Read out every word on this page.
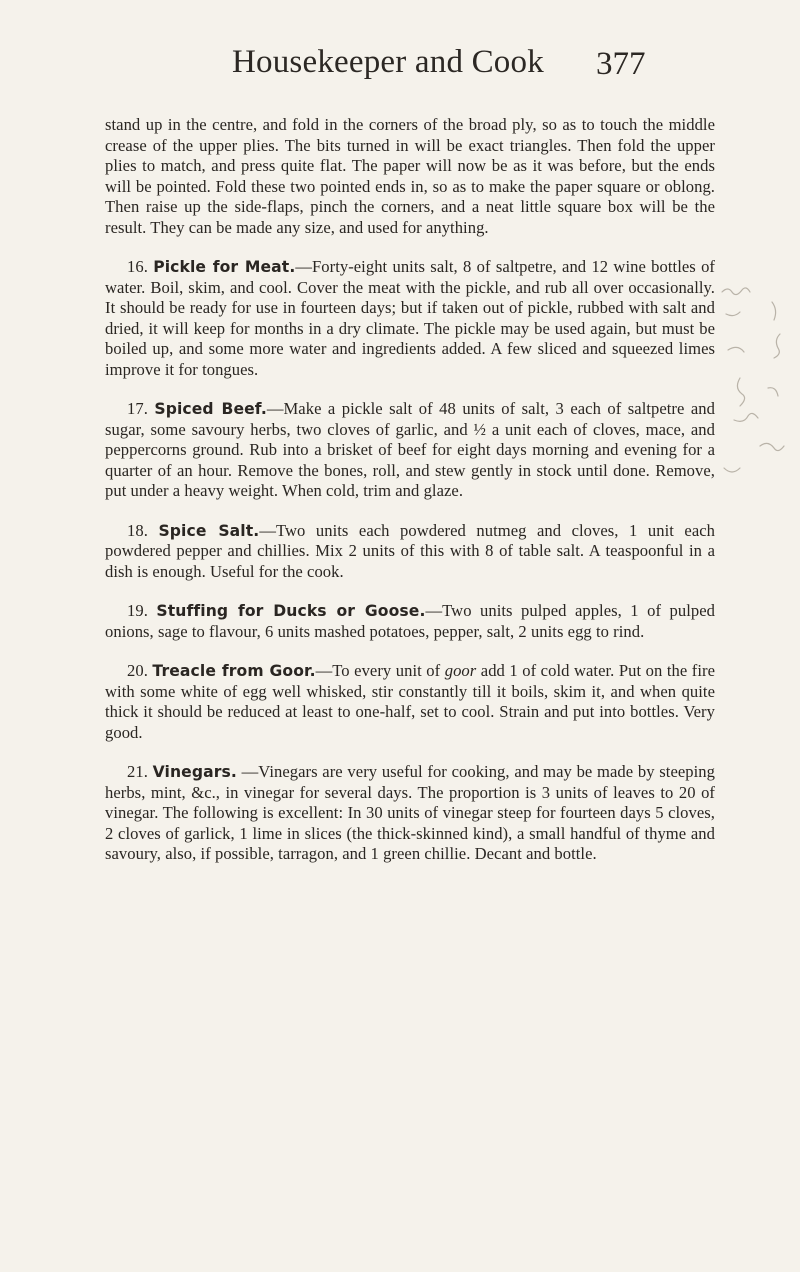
Housekeeper and Cook 377

stand up in the centre, and fold in the corners of the broad ply, so as to touch the middle crease of the upper plies. The bits turned in will be exact triangles. Then fold the upper plies to match, and press quite flat. The paper will now be as it was before, but the ends will be pointed. Fold these two pointed ends in, so as to make the paper square or oblong. Then raise up the side-flaps, pinch the corners, and a neat little square box will be the result. They can be made any size, and used for anything.

16. Pickle for Meat.—Forty-eight units salt, 8 of saltpetre, and 12 wine bottles of water. Boil, skim, and cool. Cover the meat with the pickle, and rub all over occasionally. It should be ready for use in fourteen days; but if taken out of pickle, rubbed with salt and dried, it will keep for months in a dry climate. The pickle may be used again, but must be boiled up, and some more water and ingredients added. A few sliced and squeezed limes improve it for tongues.

17. Spiced Beef.—Make a pickle salt of 48 units of salt, 3 each of saltpetre and sugar, some savoury herbs, two cloves of garlic, and ½ a unit each of cloves, mace, and peppercorns ground. Rub into a brisket of beef for eight days morning and evening for a quarter of an hour. Remove the bones, roll, and stew gently in stock until done. Remove, put under a heavy weight. When cold, trim and glaze.

18. Spice Salt.—Two units each powdered nutmeg and cloves, 1 unit each powdered pepper and chillies. Mix 2 units of this with 8 of table salt. A teaspoonful in a dish is enough. Useful for the cook.

19. Stuffing for Ducks or Goose.—Two units pulped apples, 1 of pulped onions, sage to flavour, 6 units mashed potatoes, pepper, salt, 2 units egg to rind.

20. Treacle from Goor.—To every unit of goor add 1 of cold water. Put on the fire with some white of egg well whisked, stir constantly till it boils, skim it, and when quite thick it should be reduced at least to one-half, set to cool. Strain and put into bottles. Very good.

21. Vinegars. —Vinegars are very useful for cooking, and may be made by steeping herbs, mint, &c., in vinegar for several days. The proportion is 3 units of leaves to 20 of vinegar. The following is excellent: In 30 units of vinegar steep for fourteen days 5 cloves, 2 cloves of garlick, 1 lime in slices (the thick-skinned kind), a small handful of thyme and savoury, also, if possible, tarragon, and 1 green chillie. Decant and bottle.
